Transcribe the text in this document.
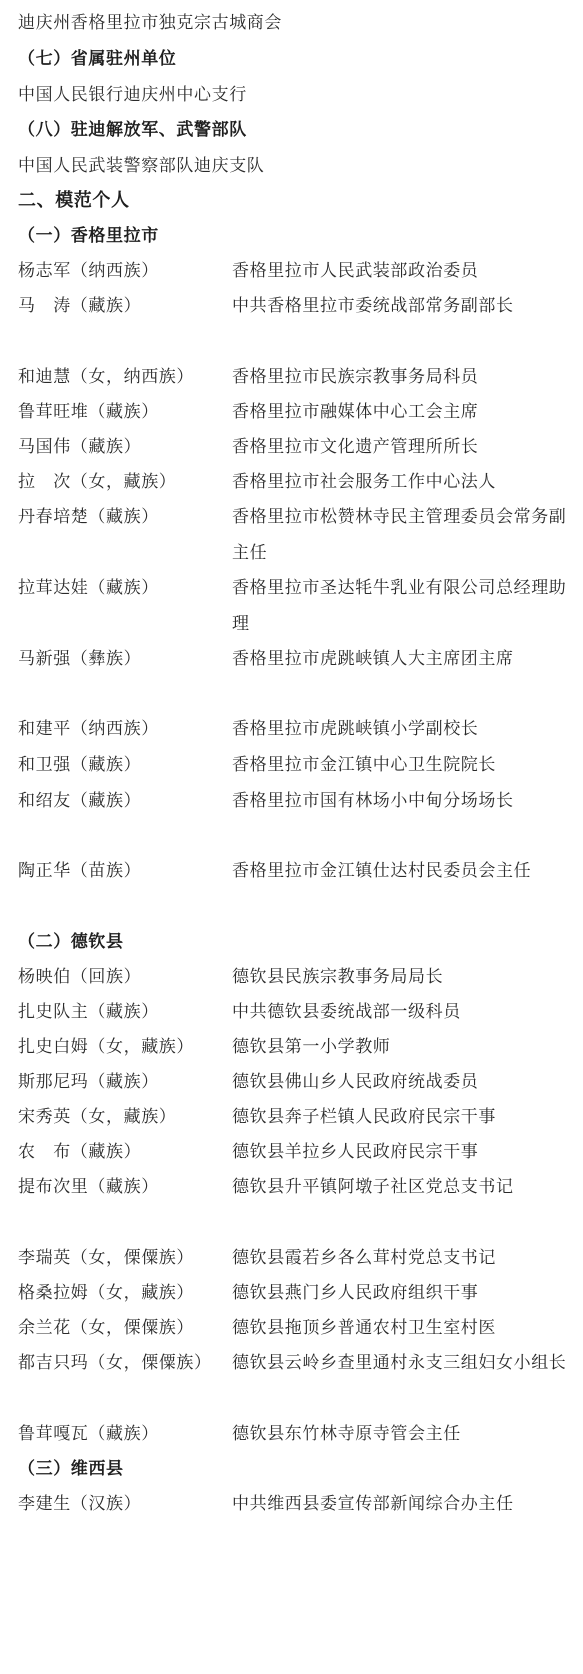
迪庆州香格里拉市独克宗古城商会
（七）省属驻州单位
中国人民银行迪庆州中心支行
（八）驻迪解放军、武警部队
中国人民武装警察部队迪庆支队
二、模范个人
（一）香格里拉市
杨志军（纳西族）	香格里拉市人民武装部政治委员
马　涛（藏族）	中共香格里拉市委统战部常务副部长
和迪慧（女，纳西族） 香格里拉市民族宗教事务局科员
鲁茸旺堆（藏族）	香格里拉市融媒体中心工会主席
马国伟（藏族）	香格里拉市文化遗产管理所所长
拉　次（女，藏族）	香格里拉市社会服务工作中心法人
丹春培楚（藏族）	香格里拉市松赞林寺民主管理委员会常务副主任
拉茸达娃（藏族）	香格里拉市圣达牦牛乳业有限公司总经理助理
马新强（彝族）	香格里拉市虎跳峡镇人大主席团主席
和建平（纳西族）	香格里拉市虎跳峡镇小学副校长
和卫强（藏族）	香格里拉市金江镇中心卫生院院长
和绍友（藏族）	香格里拉市国有林场小中甸分场场长
陶正华（苗族）	香格里拉市金江镇仕达村民委员会主任
（二）德钦县
杨映伯（回族）	德钦县民族宗教事务局局长
扎史队主（藏族）	中共德钦县委统战部一级科员
扎史白姆（女，藏族） 德钦县第一小学教师
斯那尼玛（藏族）	德钦县佛山乡人民政府统战委员
宋秀英（女，藏族）	德钦县奔子栏镇人民政府民宗干事
农　布（藏族）	德钦县羊拉乡人民政府民宗干事
提布次里（藏族）	德钦县升平镇阿墩子社区党总支书记
李瑞英（女，傈僳族） 德钦县霞若乡各么茸村党总支书记
格桑拉姆（女，藏族） 德钦县燕门乡人民政府组织干事
余兰花（女，傈僳族） 德钦县拖顶乡普通农村卫生室村医
都吉只玛（女，傈僳族） 德钦县云岭乡查里通村永支三组妇女小组长
鲁茸嘎瓦（藏族）	德钦县东竹林寺原寺管会主任
（三）维西县
李建生（汉族）	中共维西县委宣传部新闻综合办主任
